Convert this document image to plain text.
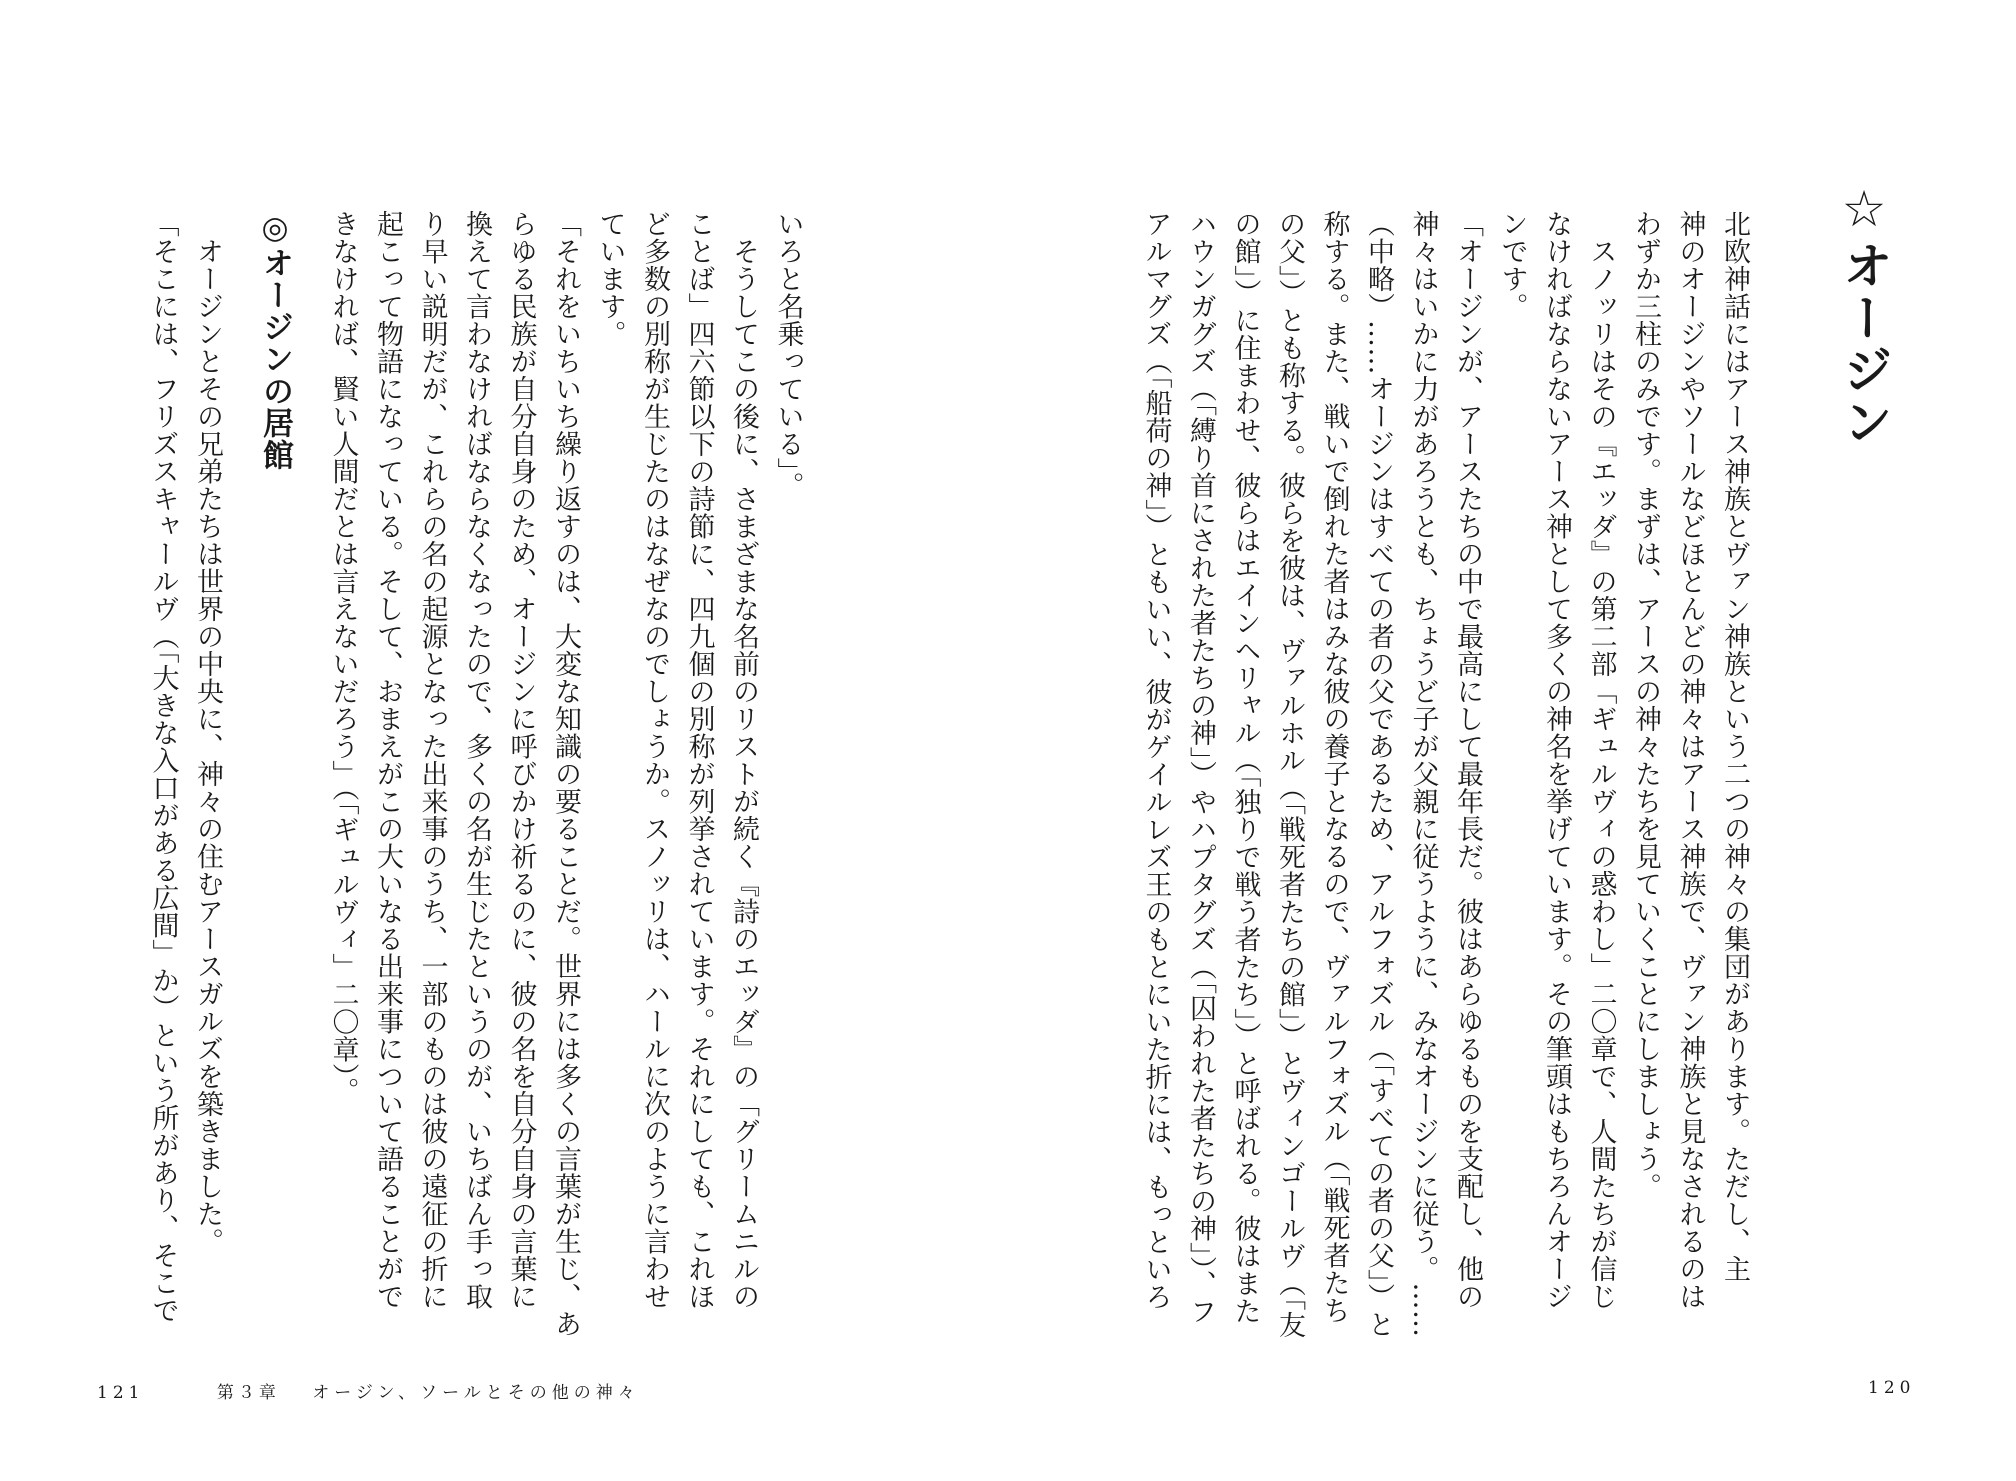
☆オージン

北欧神話にはアース神族とヴァン神族という二つの神々の集団があります。ただし、主

神のオージンやソールなどほとんどの神々はアース神族で、ヴァン神族と見なされるのは

わずか三柱のみです。まずは、アースの神々たちを見ていくことにしましょう。

　スノッリはその『エッダ』の第二部「ギュルヴィの惑わし」二〇章で、人間たちが信じ

なければならないアース神として多くの神名を挙げています。その筆頭はもちろんオージ

ンです。

「オージンが、アースたちの中で最高にして最年長だ。彼はあらゆるものを支配し、他の

神々はいかに力があろうとも、ちょうど子が父親に従うように、みなオージンに従う。……

（中略）……オージンはすべての者の父であるため、アルフォズル（「すべての者の父」）と

称する。また、戦いで倒れた者はみな彼の養子となるので、ヴァルフォズル（「戦死者たち

の父」）とも称する。彼らを彼は、ヴァルホル（「戦死者たちの館」）とヴィンゴールヴ（「友

の館」）に住まわせ、彼らはエインヘリャル（「独りで戦う者たち」）と呼ばれる。彼はまた

ハウンガグズ（「縛り首にされた者たちの神」）やハプタグズ（「囚われた者たちの神」）、フ

アルマグズ（「船荷の神」）ともいい、彼がゲイルレズ王のもとにいた折には、もっといろ

120

いろと名乗っている」。

　そうしてこの後に、さまざまな名前のリストが続く『詩のエッダ』の「グリームニルの

ことば」四六節以下の詩節に、四九個の別称が列挙されています。それにしても、これほ

ど多数の別称が生じたのはなぜなのでしょうか。スノッリは、ハールに次のように言わせ

ています。

「それをいちいち繰り返すのは、大変な知識の要ることだ。世界には多くの言葉が生じ、あ

らゆる民族が自分自身のため、オージンに呼びかけ祈るのに、彼の名を自分自身の言葉に

換えて言わなければならなくなったので、多くの名が生じたというのが、いちばん手っ取

り早い説明だが、これらの名の起源となった出来事のうち、一部のものは彼の遠征の折に

起こって物語になっている。そして、おまえがこの大いなる出来事について語ることがで

きなければ、賢い人間だとは言えないだろう」（「ギュルヴィ」二〇章）。

◎オージンの居館

　オージンとその兄弟たちは世界の中央に、神々の住むアースガルズを築きました。

「そこには、フリズスキャールヴ（「大きな入口がある広間」か）という所があり、そこで

121	第３章 オージン、ソールとその他の神々
